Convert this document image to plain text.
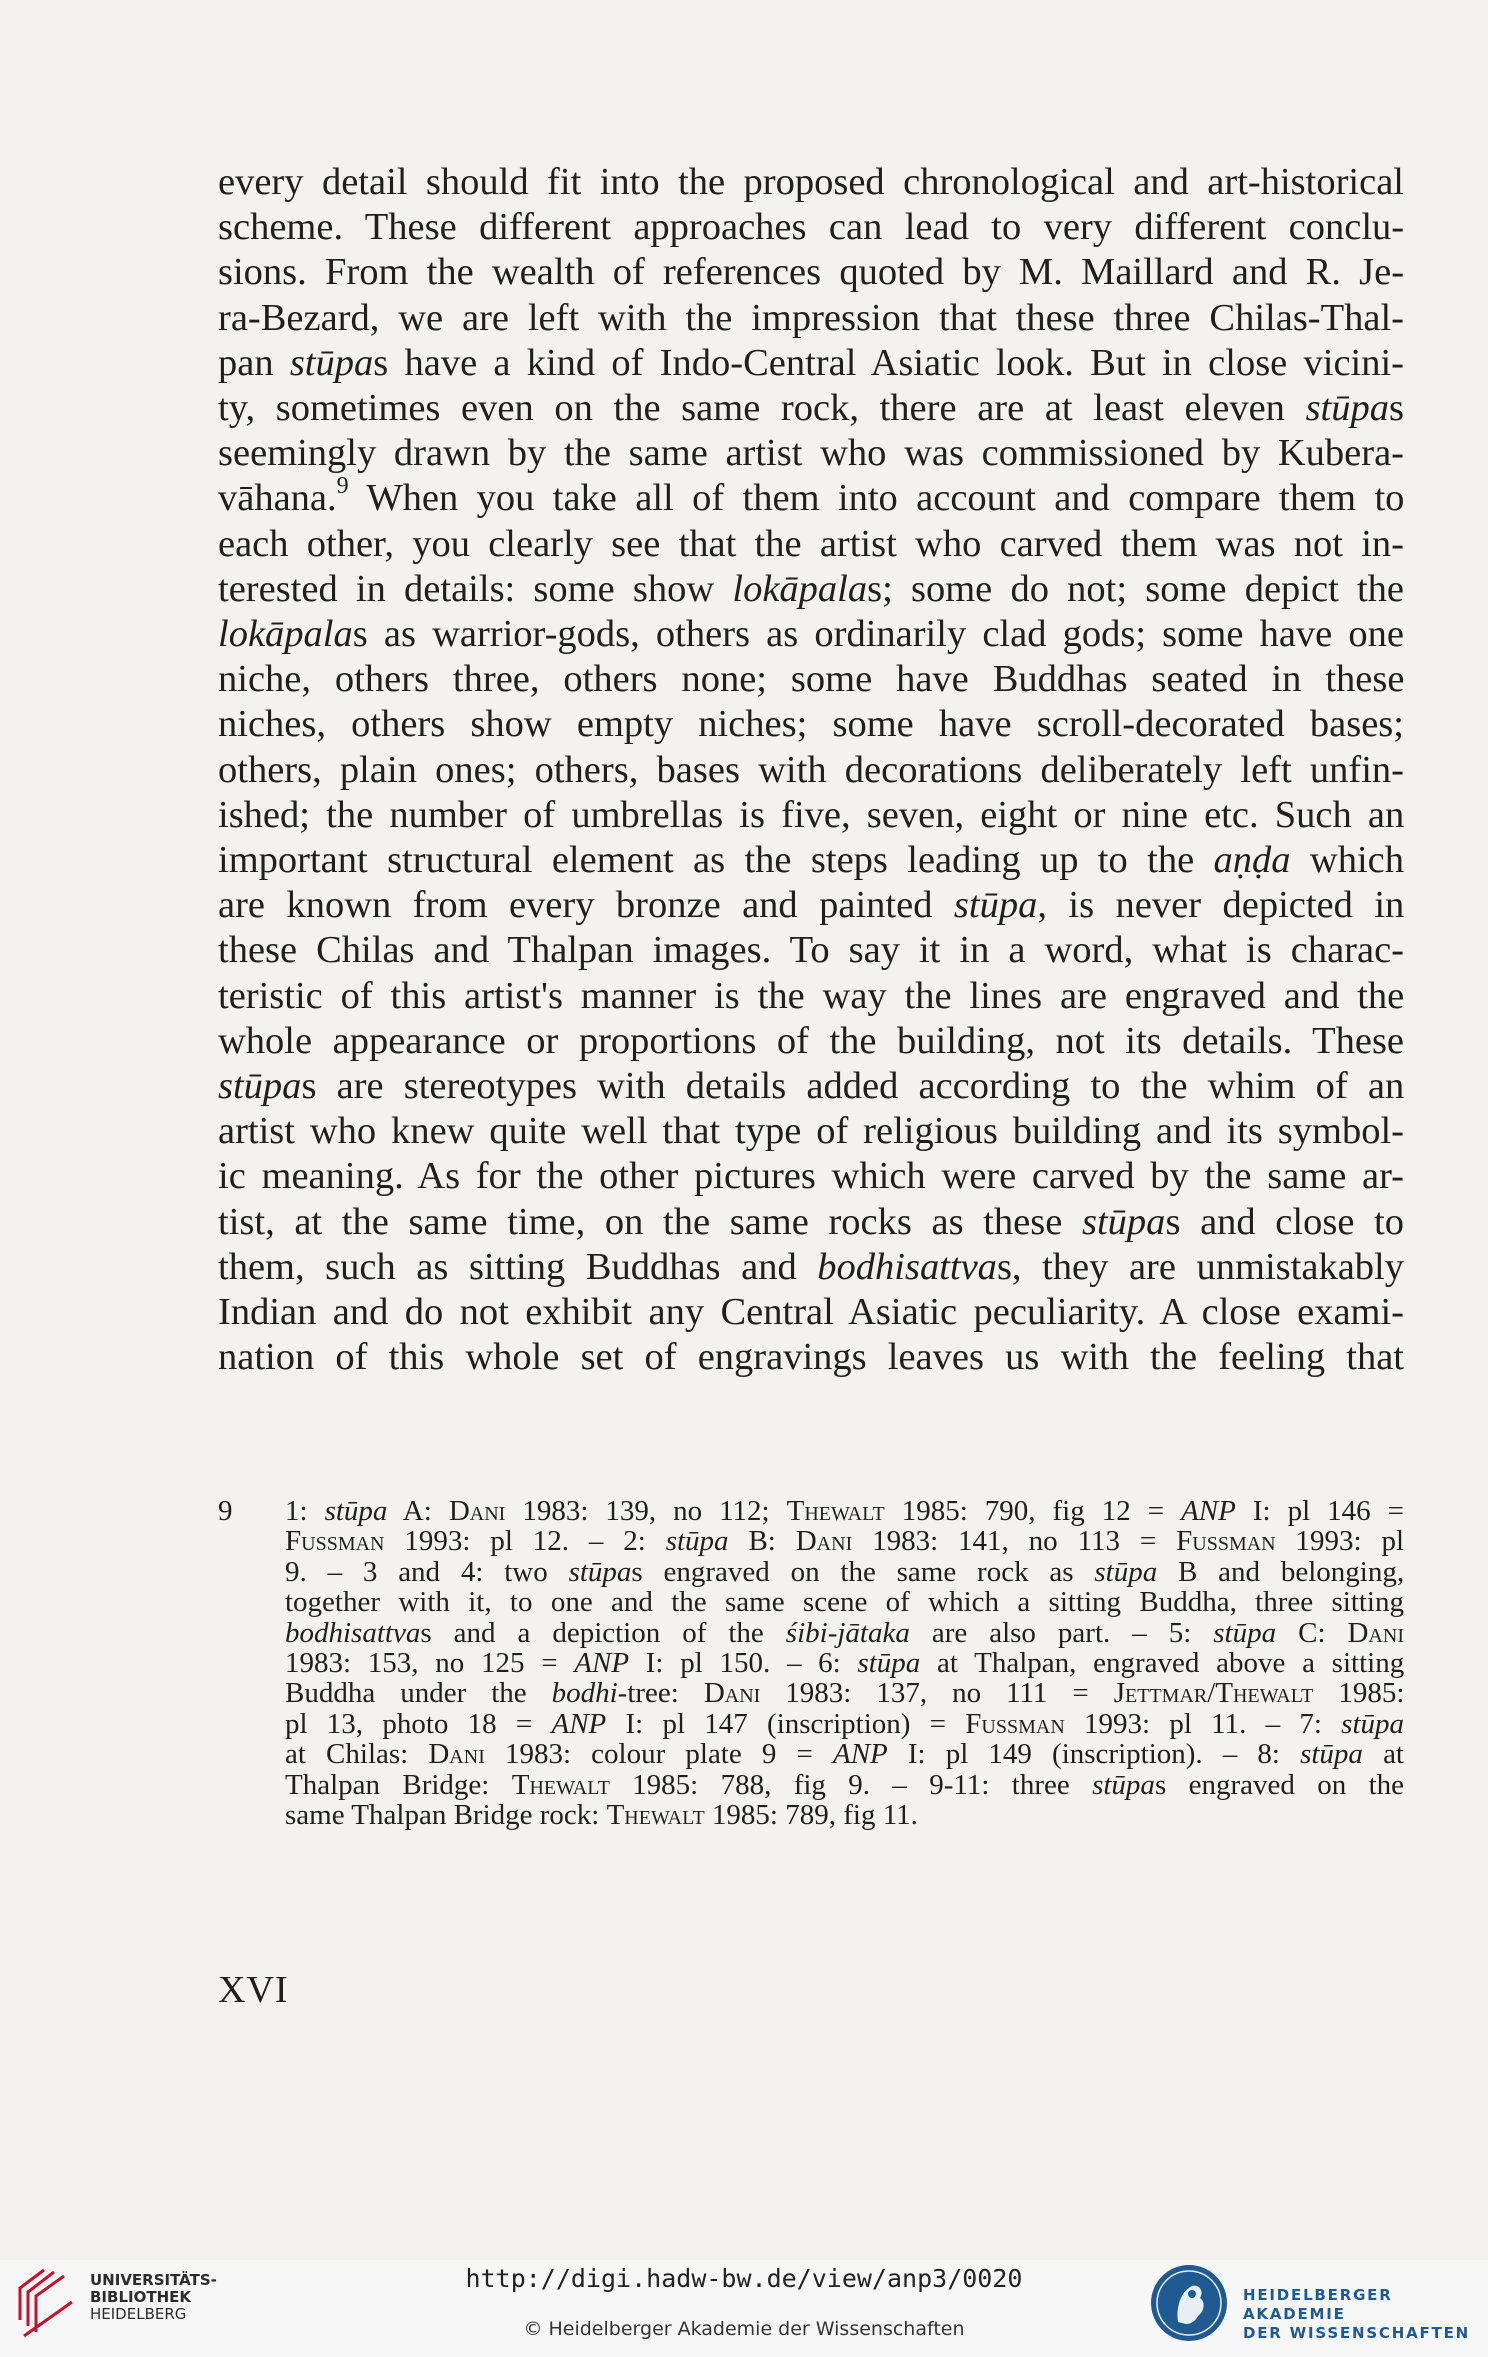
every detail should fit into the proposed chronological and art-historical
scheme. These different approaches can lead to very different conclu-
sions. From the wealth of references quoted by M. Maillard and R. Je-
ra-Bezard, we are left with the impression that these three Chilas-Thal-
pan stūpas have a kind of Indo-Central Asiatic look. But in close vicini-
ty, sometimes even on the same rock, there are at least eleven stūpas
seemingly drawn by the same artist who was commissioned by Kubera-
vāhana.$^9$ When you take all of them into account and compare them to
each other, you clearly see that the artist who carved them was not in-
terested in details: some show lokāpalas; some do not; some depict the
lokāpalas as warrior-gods, others as ordinarily clad gods; some have one
niche, others three, others none; some have Buddhas seated in these
niches, others show empty niches; some have scroll-decorated bases;
others, plain ones; others, bases with decorations deliberately left unfin-
ished; the number of umbrellas is five, seven, eight or nine etc. Such an
important structural element as the steps leading up to the aṇḍa which
are known from every bronze and painted stūpa, is never depicted in
these Chilas and Thalpan images. To say it in a word, what is charac-
teristic of this artist's manner is the way the lines are engraved and the
whole appearance or proportions of the building, not its details. These
stūpas are stereotypes with details added according to the whim of an
artist who knew quite well that type of religious building and its symbol-
ic meaning. As for the other pictures which were carved by the same ar-
tist, at the same time, on the same rocks as these stūpas and close to
them, such as sitting Buddhas and bodhisattvas, they are unmistakably
Indian and do not exhibit any Central Asiatic peculiarity. A close exami-
nation of this whole set of engravings leaves us with the feeling that
9 1: stūpa A: Dani 1983: 139, no 112; Thewalt 1985: 790, fig 12 = ANP I: pl 146 =
Fussman 1993: pl 12. – 2: stūpa B: Dani 1983: 141, no 113 = Fussman 1993: pl
9. – 3 and 4: two stūpas engraved on the same rock as stūpa B and belonging,
together with it, to one and the same scene of which a sitting Buddha, three sitting
bodhisattvas and a depiction of the śibi-jātaka are also part. – 5: stūpa C: Dani
1983: 153, no 125 = ANP I: pl 150. – 6: stūpa at Thalpan, engraved above a sitting
Buddha under the bodhi-tree: Dani 1983: 137, no 111 = Jettmar/Thewalt 1985:
pl 13, photo 18 = ANP I: pl 147 (inscription) = Fussman 1993: pl 11. – 7: stūpa
at Chilas: Dani 1983: colour plate 9 = ANP I: pl 149 (inscription). – 8: stūpa at
Thalpan Bridge: Thewalt 1985: 788, fig 9. – 9-11: three stūpas engraved on the
same Thalpan Bridge rock: Thewalt 1985: 789, fig 11.
XVI
UNIVERSITÄTS-
BIBLIOTHEK
HEIDELBERG
http://digi.hadw-bw.de/view/anp3/0020
© Heidelberger Akademie der Wissenschaften
HEIDELBERGER AKADEMIE
DER WISSENSCHAFTEN
